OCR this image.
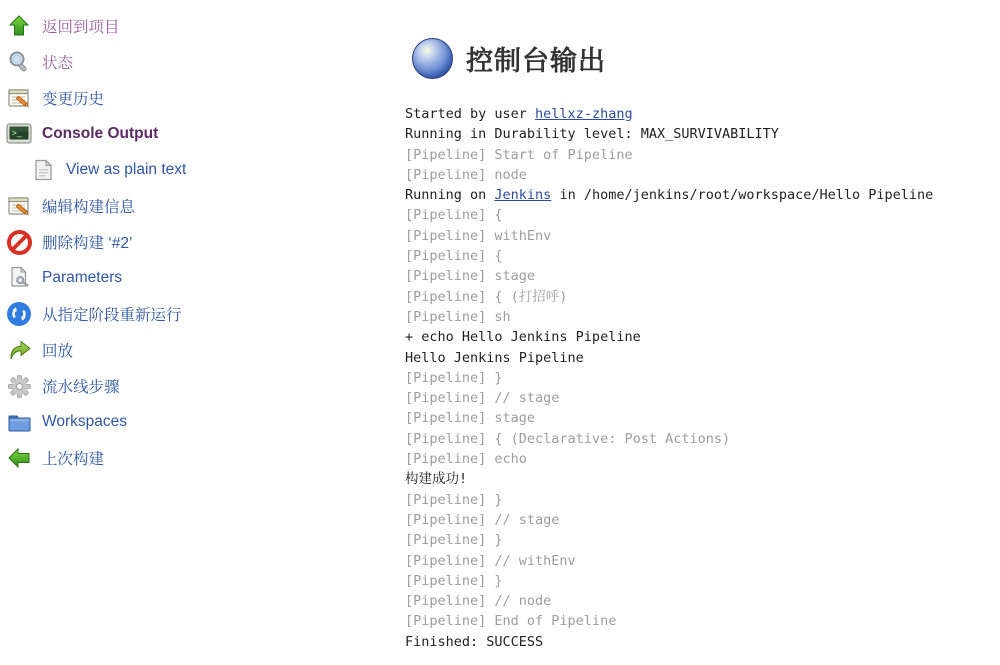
返回到项目
状态
变更历史
>_ Console Output
View as plain text
编辑构建信息
删除构建 ‘#2’
Parameters
从指定阶段重新运行
回放
流水线步骤
Workspaces
上次构建
控制台输出
Started by user hellxz-zhang
Running in Durability level: MAX_SURVIVABILITY
[Pipeline] Start of Pipeline
[Pipeline] node
Running on Jenkins in /home/jenkins/root/workspace/Hello Pipeline
[Pipeline] {
[Pipeline] withEnv
[Pipeline] {
[Pipeline] stage
[Pipeline] { (打招呼)
[Pipeline] sh
+ echo Hello Jenkins Pipeline
Hello Jenkins Pipeline
[Pipeline] }
[Pipeline] // stage
[Pipeline] stage
[Pipeline] { (Declarative: Post Actions)
[Pipeline] echo
构建成功!
[Pipeline] }
[Pipeline] // stage
[Pipeline] }
[Pipeline] // withEnv
[Pipeline] }
[Pipeline] // node
[Pipeline] End of Pipeline
Finished: SUCCESS
